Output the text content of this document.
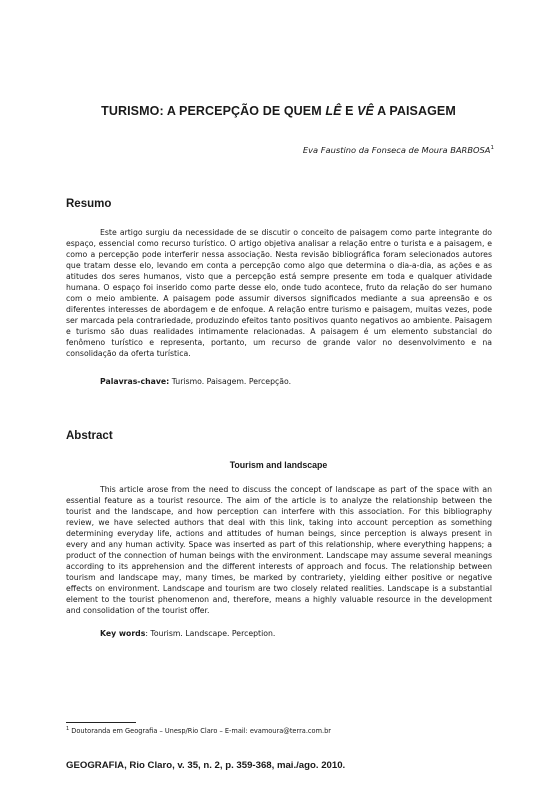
TURISMO: A PERCEPÇÃO DE QUEM LÊ E VÊ A PAISAGEM
Eva Faustino da Fonseca de Moura BARBOSA$^1$
Resumo

Este artigo surgiu da necessidade de se discutir o conceito de paisagem como parte integrante do espaço, essencial como recurso turístico. O artigo objetiva analisar a relação entre o turista e a paisagem, e como a percepção pode interferir nessa associação. Nesta revisão bibliográfica foram selecionados autores que tratam desse elo, levando em conta a percepção como algo que determina o dia-a-dia, as ações e as atitudes dos seres humanos, visto que a percepção está sempre presente em toda e qualquer atividade humana. O espaço foi inserido como parte desse elo, onde tudo acontece, fruto da relação do ser humano com o meio ambiente. A paisagem pode assumir diversos significados mediante a sua apreensão e os diferentes interesses de abordagem e de enfoque. A relação entre turismo e paisagem, muitas vezes, pode ser marcada pela contrariedade, produzindo efeitos tanto positivos quanto negativos ao ambiente. Paisagem e turismo são duas realidades intimamente relacionadas. A paisagem é um elemento substancial do fenômeno turístico e representa, portanto, um recurso de grande valor no desenvolvimento e na consolidação da oferta turística.

Palavras-chave: Turismo. Paisagem. Percepção.
Abstract
Tourism and landscape

This article arose from the need to discuss the concept of landscape as part of the space with an essential feature as a tourist resource. The aim of the article is to analyze the relationship between the tourist and the landscape, and how perception can interfere with this association. For this bibliography review, we have selected authors that deal with this link, taking into account perception as something determining everyday life, actions and attitudes of human beings, since perception is always present in every and any human activity. Space was inserted as part of this relationship, where everything happens; a product of the connection of human beings with the environment. Landscape may assume several meanings according to its apprehension and the different interests of approach and focus. The relationship between tourism and landscape may, many times, be marked by contrariety, yielding either positive or negative effects on environment. Landscape and tourism are two closely related realities. Landscape is a substantial element to the tourist phenomenon and, therefore, means a highly valuable resource in the development and consolidation of the tourist offer.

Key words: Tourism. Landscape. Perception.
$^1$ Doutoranda em Geografia – Unesp/Rio Claro – E-mail: evamoura@terra.com.br
GEOGRAFIA, Rio Claro, v. 35, n. 2, p. 359-368, mai./ago. 2010.
